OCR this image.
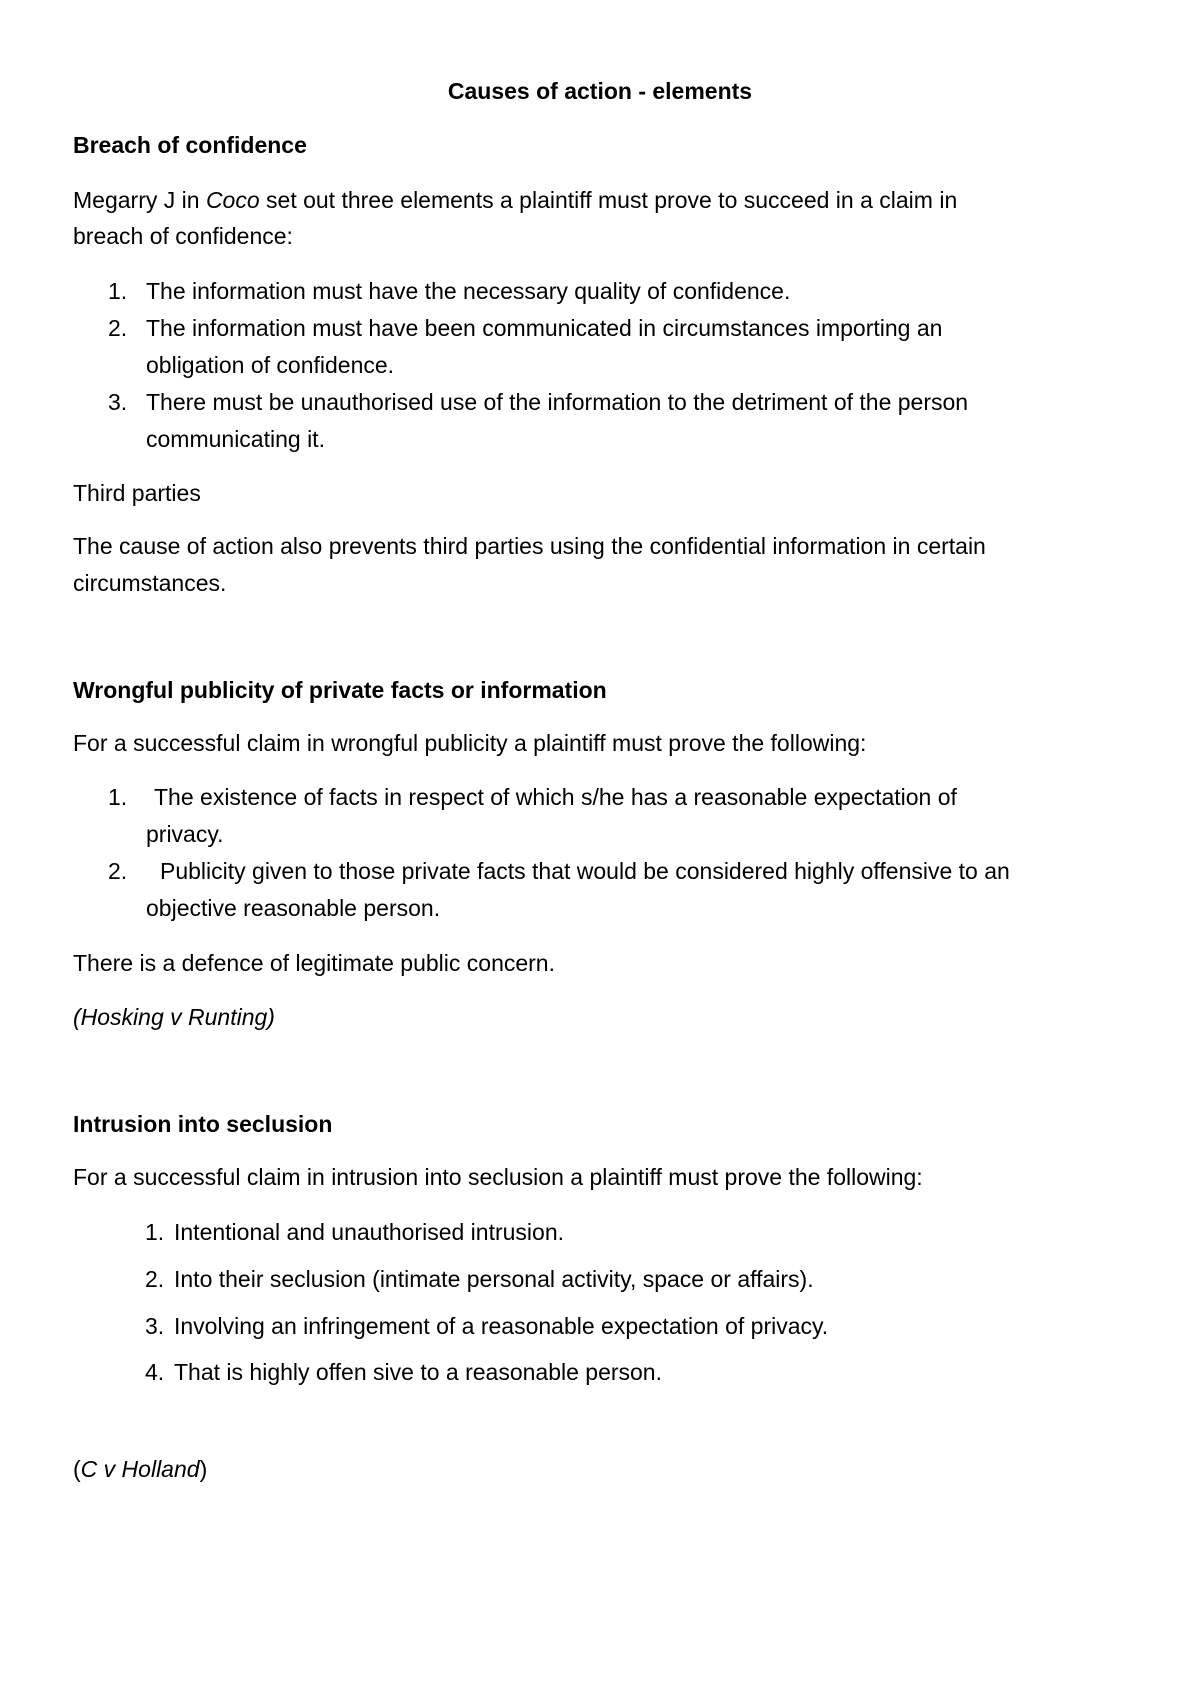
Causes of action - elements
Breach of confidence
Megarry J in Coco set out three elements a plaintiff must prove to succeed in a claim in
breach of confidence:
1. The information must have the necessary quality of confidence.
2. The information must have been communicated in circumstances importing an
obligation of confidence.
3. There must be unauthorised use of the information to the detriment of the person
communicating it.
Third parties
The cause of action also prevents third parties using the confidential information in certain
circumstances.
Wrongful publicity of private facts or information
For a successful claim in wrongful publicity a plaintiff must prove the following:
1. The existence of facts in respect of which s/he has a reasonable expectation of
privacy.
2. Publicity given to those private facts that would be considered highly offensive to an
objective reasonable person.
There is a defence of legitimate public concern.
(Hosking v Runting)
Intrusion into seclusion
For a successful claim in intrusion into seclusion a plaintiff must prove the following:
1. Intentional and unauthorised intrusion.
2. Into their seclusion (intimate personal activity, space or affairs).
3. Involving an infringement of a reasonable expectation of privacy.
4. That is highly offen sive to a reasonable person.
(C v Holland)
